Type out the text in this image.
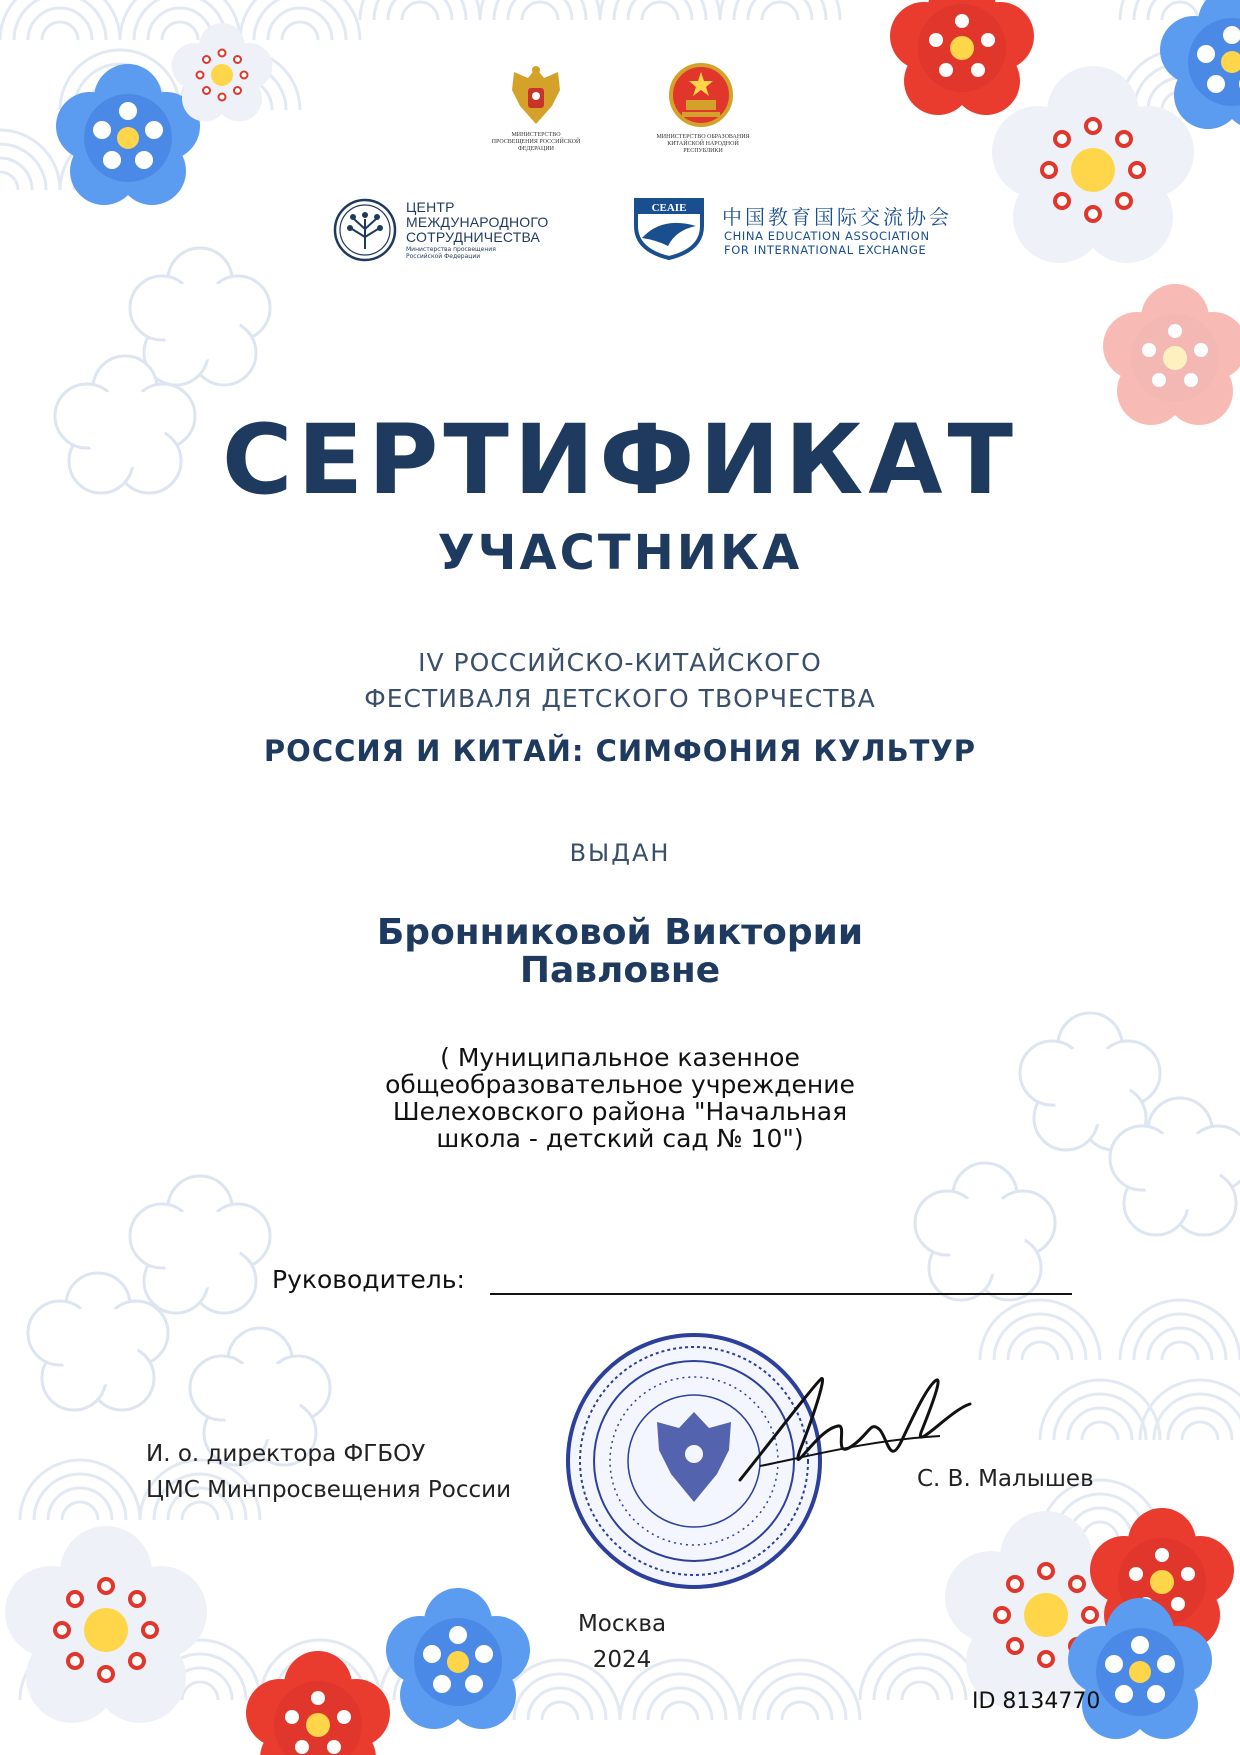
МИНИСТЕРСТВО ПРОСВЕЩЕНИЯ РОССИЙСКОЙ ФЕДЕРАЦИИ
МИНИСТЕРСТВО ОБРАЗОВАНИЯ КИТАЙСКОЙ НАРОДНОЙ РЕСПУБЛИКИ
ЦЕНТР
МЕЖДУНАРОДНОГО
СОТРУДНИЧЕСТВА
Министерства просвещения Российской Федерации
CEAIE 中国教育国际交流协会
CHINA EDUCATION ASSOCIATION
FOR INTERNATIONAL EXCHANGE
СЕРТИФИКАТ
УЧАСТНИКА
IV РОССИЙСКО-КИТАЙСКОГО
ФЕСТИВАЛЯ ДЕТСКОГО ТВОРЧЕСТВА
РОССИЯ И КИТАЙ: СИМФОНИЯ КУЛЬТУР
ВЫДАН
Бронниковой Виктории
Павловне
( Муниципальное казенное
общеобразовательное учреждение
Шелеховского района "Начальная
школа - детский сад № 10")
Руководитель:
И. о. директора ФГБОУ
ЦМС Минпросвещения России	С. В. Малышев
Москва
2024
ID 8134770
